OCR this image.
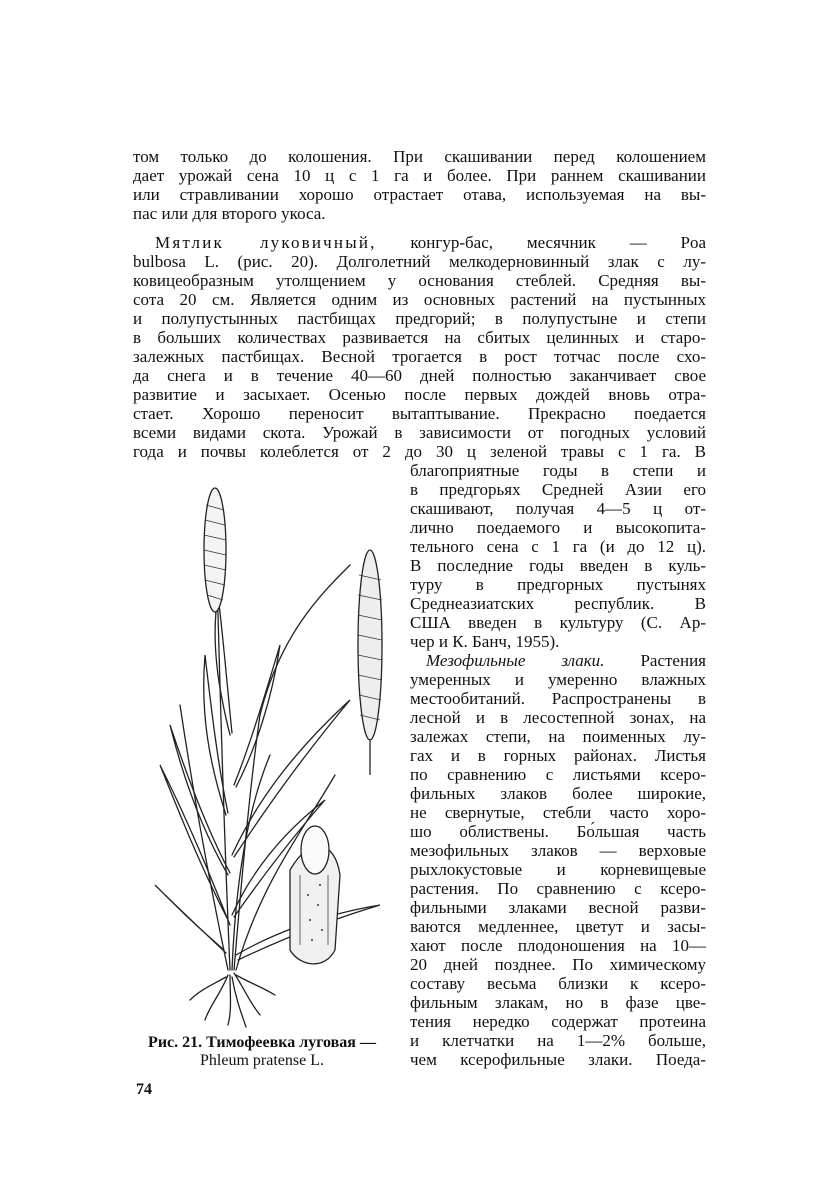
том только до колошения. При скашивании перед колошением
дает урожай сена 10 ц с 1 га и более. При раннем скашивании
или стравливании хорошо отрастает отава, используемая на вы-
пас или для второго укоса.
Мятлик луковичный, конгур-бас, месячник — Poa
bulbosa L. (рис. 20). Долголетний мелкодерновинный злак с лу-
ковицеобразным утолщением у основания стеблей. Средняя вы-
сота 20 см. Является одним из основных растений на пустынных
и полупустынных пастбищах предгорий; в полупустыне и степи
в больших количествах развивается на сбитых целинных и старо-
залежных пастбищах. Весной трогается в рост тотчас после схо-
да снега и в течение 40—60 дней полностью заканчивает свое
развитие и засыхает. Осенью после первых дождей вновь отра-
стает. Хорошо переносит вытаптывание. Прекрасно поедается
всеми видами скота. Урожай в зависимости от погодных условий
года и почвы колеблется от 2 до 30 ц зеленой травы с 1 га. В
благоприятные годы в степи и
в предгорьях Средней Азии его
скашивают, получая 4—5 ц от-
лично поедаемого и высокопита-
тельного сена с 1 га (и до 12 ц).
В последние годы введен в куль-
туру в предгорных пустынях
Среднеазиатских республик. В
США введен в культуру (С. Ар-
чер и К. Банч, 1955).
Мезофильные злаки. Растения
умеренных и умеренно влажных
местообитаний. Распространены в
лесной и в лесостепной зонах, на
залежах степи, на поименных лу-
гах и в горных районах. Листья
по сравнению с листьями ксеро-
фильных злаков более широкие,
не свернутые, стебли часто хоро-
шо облиствены. Бо́льшая часть
мезофильных злаков — верховые
рыхлокустовые и корневищевые
растения. По сравнению с ксеро-
фильными злаками весной разви-
ваются медленнее, цветут и засы-
хают после плодоношения на 10—
20 дней позднее. По химическому
составу весьма близки к ксеро-
фильным злакам, но в фазе цве-
тения нередко содержат протеина
и клетчатки на 1—2% больше,
чем ксерофильные злаки. Поеда-
Рис. 21. Тимофеевка луговая —
Phleum pratense L.
74
